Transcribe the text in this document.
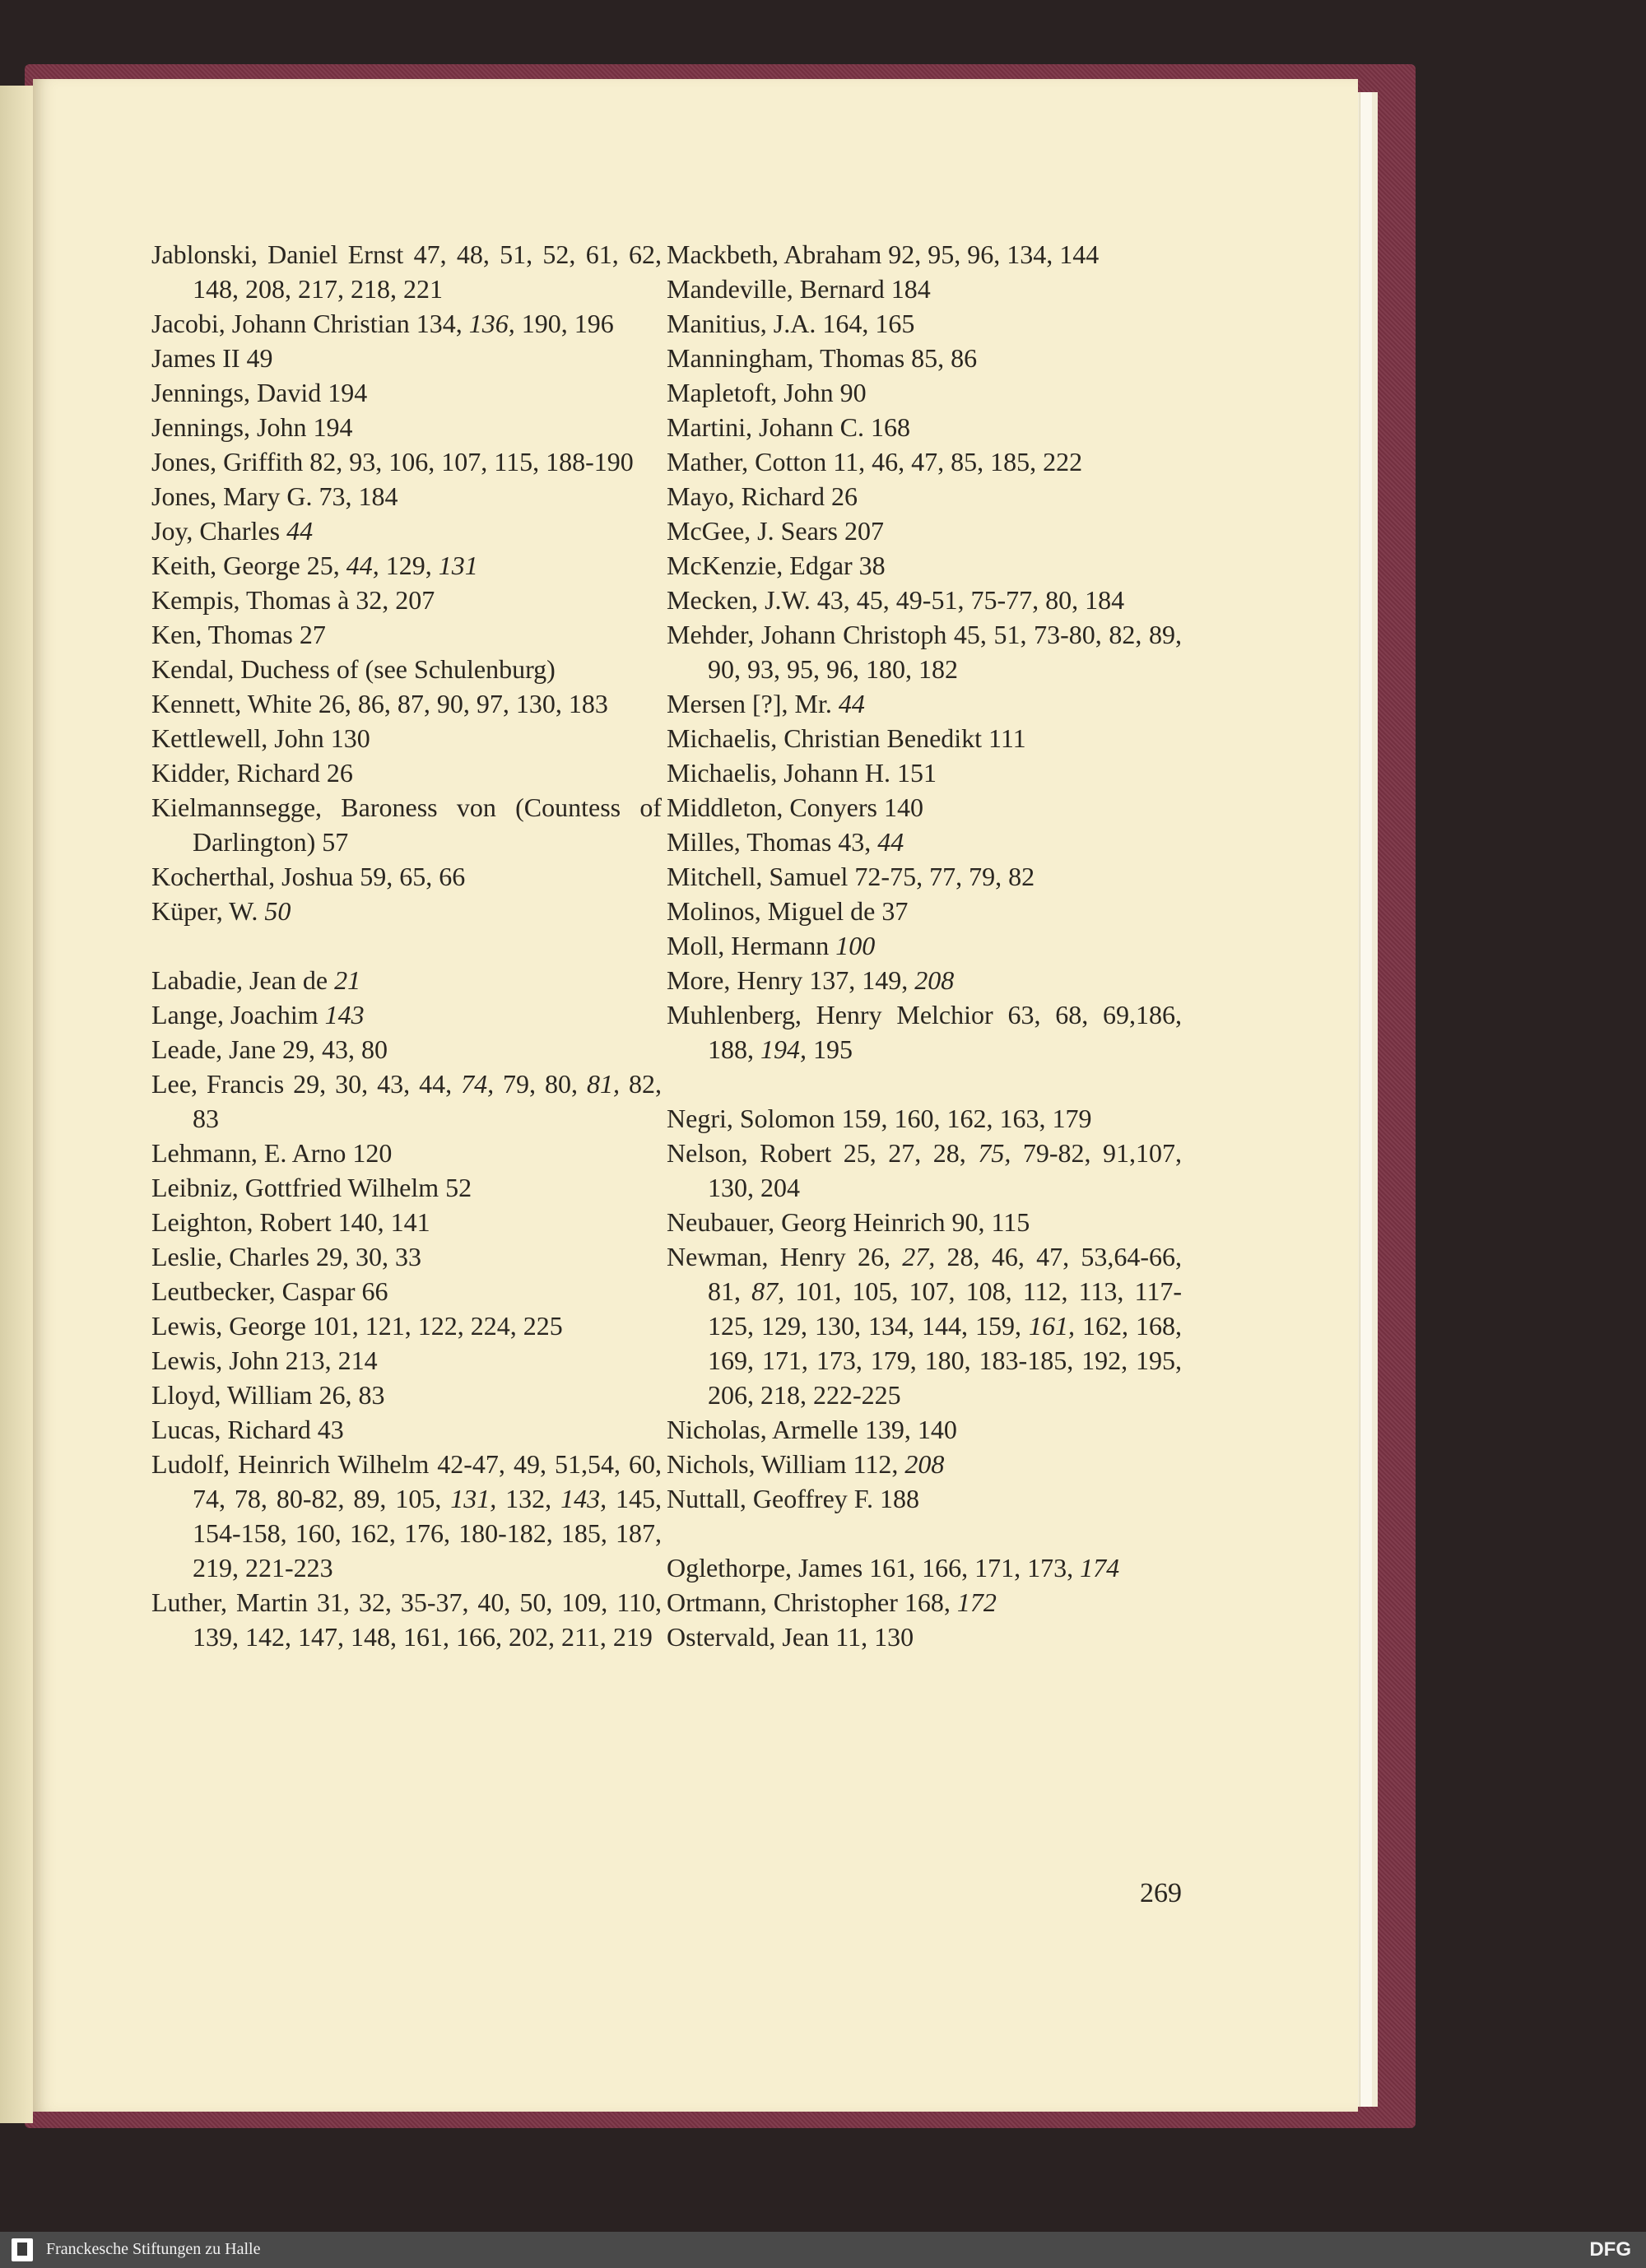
Jablonski, Daniel Ernst 47, 48, 51, 52, 61, 62, 148, 208, 217, 218, 221
Jacobi, Johann Christian 134, 136, 190, 196
James II 49
Jennings, David 194
Jennings, John 194
Jones, Griffith 82, 93, 106, 107, 115, 188-190
Jones, Mary G. 73, 184
Joy, Charles 44
Keith, George 25, 44, 129, 131
Kempis, Thomas à 32, 207
Ken, Thomas 27
Kendal, Duchess of (see Schulenburg)
Kennett, White 26, 86, 87, 90, 97, 130, 183
Kettlewell, John 130
Kidder, Richard 26
Kielmannsegge, Baroness von (Countess of Darlington) 57
Kocherthal, Joshua 59, 65, 66
Küper, W. 50
Labadie, Jean de 21
Lange, Joachim 143
Leade, Jane 29, 43, 80
Lee, Francis 29, 30, 43, 44, 74, 79, 80, 81, 82, 83
Lehmann, E. Arno 120
Leibniz, Gottfried Wilhelm 52
Leighton, Robert 140, 141
Leslie, Charles 29, 30, 33
Leutbecker, Caspar 66
Lewis, George 101, 121, 122, 224, 225
Lewis, John 213, 214
Lloyd, William 26, 83
Lucas, Richard 43
Ludolf, Heinrich Wilhelm 42-47, 49, 51,54, 60, 74, 78, 80-82, 89, 105, 131, 132, 143, 145, 154-158, 160, 162, 176, 180-182, 185, 187, 219, 221-223
Luther, Martin 31, 32, 35-37, 40, 50, 109, 110, 139, 142, 147, 148, 161, 166, 202, 211, 219
Mackbeth, Abraham 92, 95, 96, 134, 144
Mandeville, Bernard 184
Manitius, J.A. 164, 165
Manningham, Thomas 85, 86
Mapletoft, John 90
Martini, Johann C. 168
Mather, Cotton 11, 46, 47, 85, 185, 222
Mayo, Richard 26
McGee, J. Sears 207
McKenzie, Edgar 38
Mecken, J.W. 43, 45, 49-51, 75-77, 80, 184
Mehder, Johann Christoph 45, 51, 73-80, 82, 89, 90, 93, 95, 96, 180, 182
Mersen [?], Mr. 44
Michaelis, Christian Benedikt 111
Michaelis, Johann H. 151
Middleton, Conyers 140
Milles, Thomas 43, 44
Mitchell, Samuel 72-75, 77, 79, 82
Molinos, Miguel de 37
Moll, Hermann 100
More, Henry 137, 149, 208
Muhlenberg, Henry Melchior 63, 68, 69,186, 188, 194, 195
Negri, Solomon 159, 160, 162, 163, 179
Nelson, Robert 25, 27, 28, 75, 79-82, 91,107, 130, 204
Neubauer, Georg Heinrich 90, 115
Newman, Henry 26, 27, 28, 46, 47, 53,64-66, 81, 87, 101, 105, 107, 108, 112, 113, 117-125, 129, 130, 134, 144, 159, 161, 162, 168, 169, 171, 173, 179, 180, 183-185, 192, 195, 206, 218, 222-225
Nicholas, Armelle 139, 140
Nichols, William 112, 208
Nuttall, Geoffrey F. 188
Oglethorpe, James 161, 166, 171, 173, 174
Ortmann, Christopher 168, 172
Ostervald, Jean 11, 130
269
Franckesche Stiftungen zu Halle	DFG
